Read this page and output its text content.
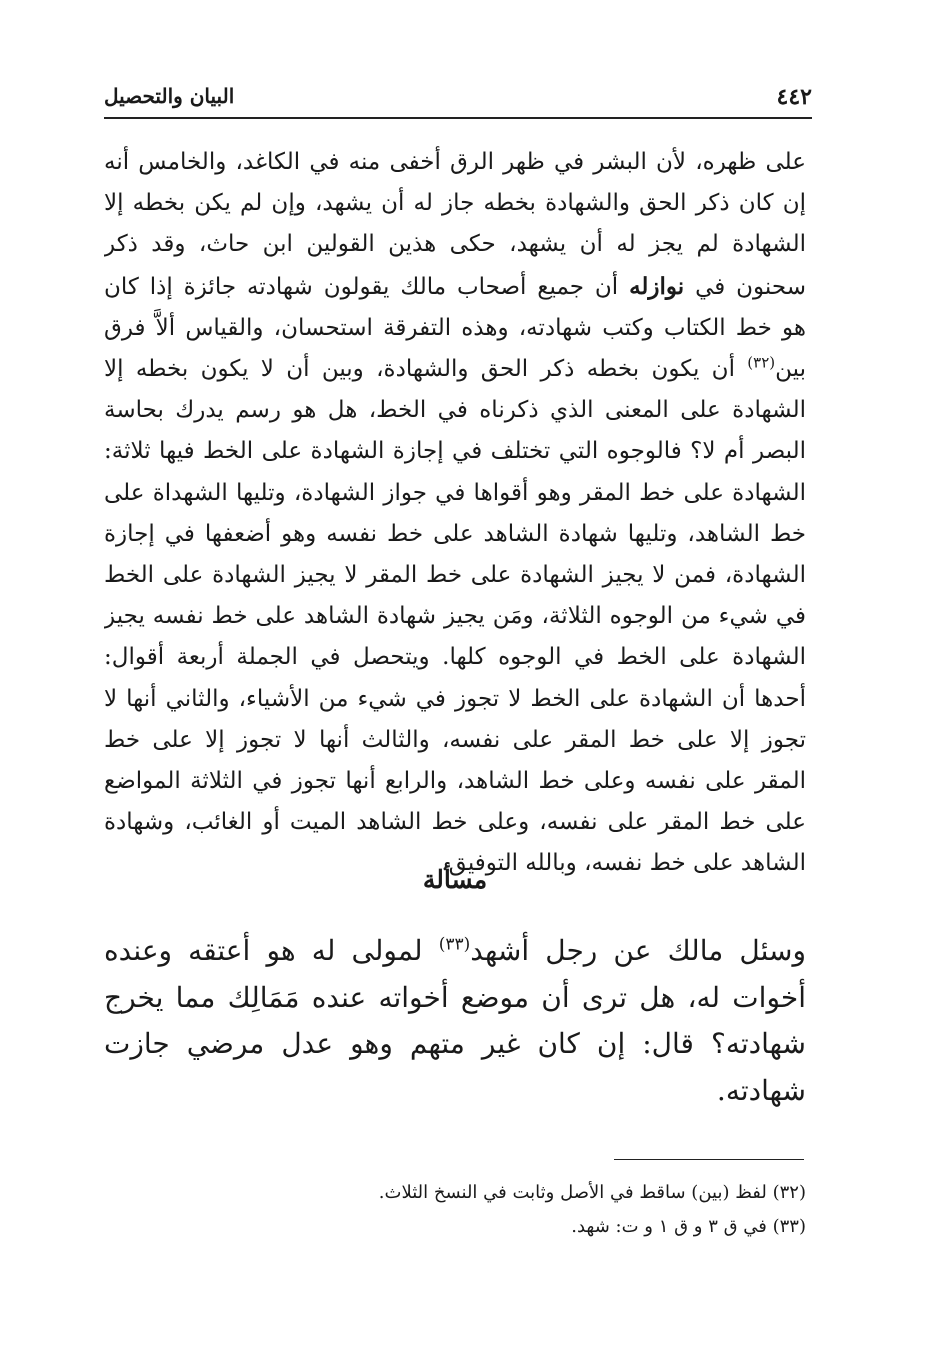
٤٤٢
البيان والتحصيل
على ظهره، لأن البشر في ظهر الرق أخفى منه في الكاغد، والخامس أنه
إن كان ذكر الحق والشهادة بخطه جاز له أن يشهد، وإن لم يكن بخطه إلا
الشهادة لم يجز له أن يشهد، حكى هذين القولين ابن حاث، وقد ذكر
سحنون في نوازله أن جميع أصحاب مالك يقولون شهادته جائزة إذا كان
هو خط الكتاب وكتب شهادته، وهذه التفرقة استحسان، والقياس ألاَّ فرق
بين$^{(٣٢)}$ أن يكون بخطه ذكر الحق والشهادة، وبين أن لا يكون بخطه إلا
الشهادة على المعنى الذي ذكرناه في الخط، هل هو رسم يدرك بحاسة
البصر أم لا؟ فالوجوه التي تختلف في إجازة الشهادة على الخط فيها ثلاثة:
الشهادة على خط المقر وهو أقواها في جواز الشهادة، وتليها الشهداة على
خط الشاهد، وتليها شهادة الشاهد على خط نفسه وهو أضعفها في إجازة
الشهادة، فمن لا يجيز الشهادة على خط المقر لا يجيز الشهادة على الخط
في شيء من الوجوه الثلاثة، ومَن يجيز شهادة الشاهد على خط نفسه يجيز
الشهادة على الخط في الوجوه كلها. ويتحصل في الجملة أربعة أقوال:
أحدها أن الشهادة على الخط لا تجوز في شيء من الأشياء، والثاني أنها لا
تجوز إلا على خط المقر على نفسه، والثالث أنها لا تجوز إلا على خط
المقر على نفسه وعلى خط الشاهد، والرابع أنها تجوز في الثلاثة المواضع
على خط المقر على نفسه، وعلى خط الشاهد الميت أو الغائب، وشهادة
الشاهد على خط نفسه، وبالله التوفيق.
مسألة
وسئل مالك عن رجل أشهد$^{(٣٣)}$ لمولى له هو أعتقه وعنده
أخوات له، هل ترى أن موضع أخواته عنده مَمَالِك مما يخرج
شهادته؟ قال: إن كان غير متهم وهو عدل مرضي جازت
شهادته.
(٣٢) لفظ (بين) ساقط في الأصل وثابت في النسخ الثلاث.
(٣٣) في ق ٣ و ق ١ و ت: شهد.
